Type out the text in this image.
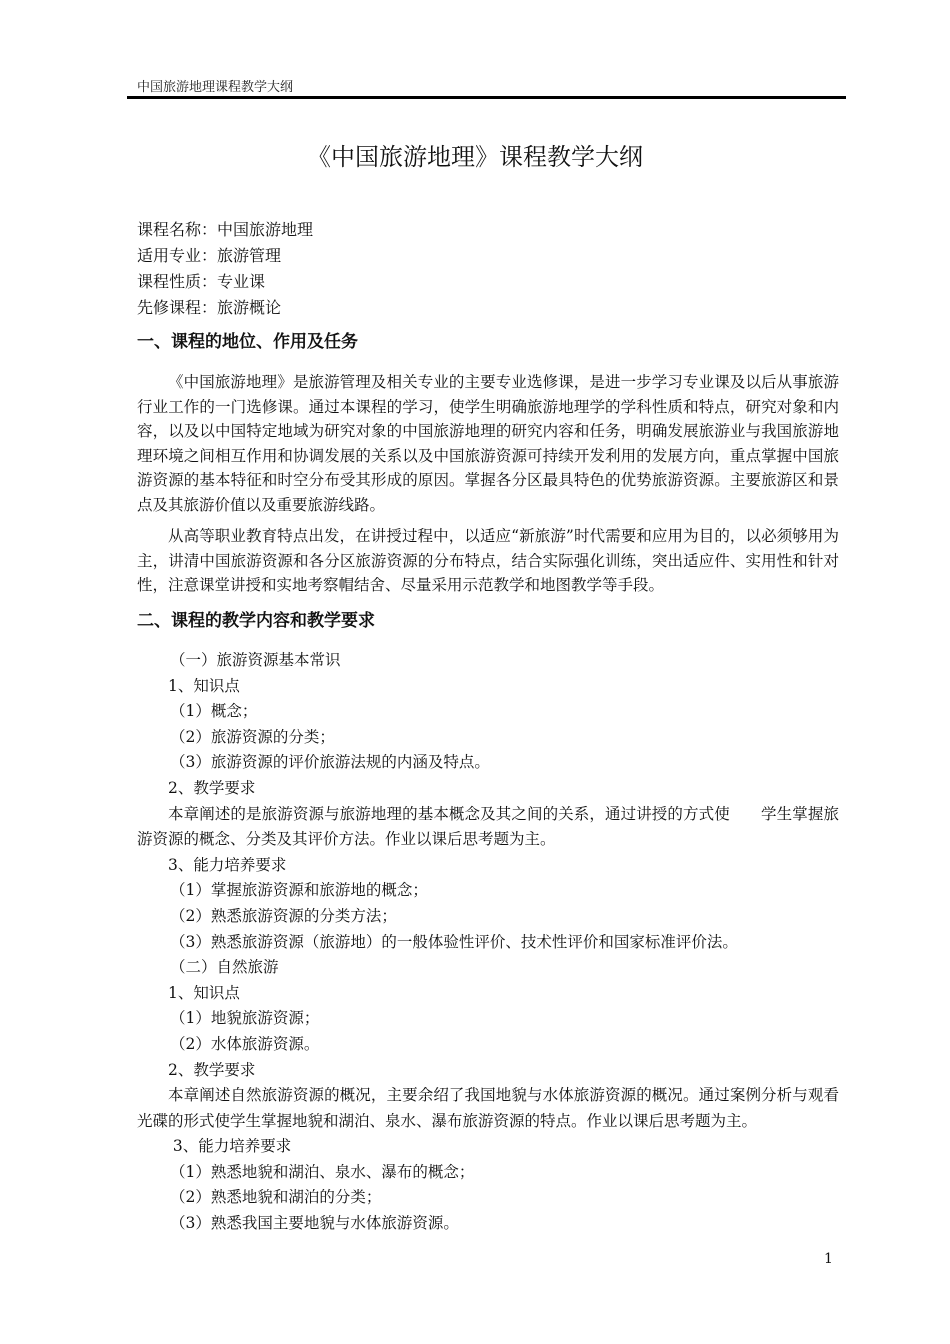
中国旅游地理课程教学大纲
《中国旅游地理》课程教学大纲
课程名称：中国旅游地理
适用专业：旅游管理
课程性质：专业课
先修课程：旅游概论
一、课程的地位、作用及任务
《中国旅游地理》是旅游管理及相关专业的主要专业选修课，是进一步学习专业课及以后从事旅游行业工作的一门选修课。通过本课程的学习，使学生明确旅游地理学的学科性质和特点，研究对象和内容，以及以中国特定地域为研究对象的中国旅游地理的研究内容和任务，明确发展旅游业与我国旅游地理环境之间相互作用和协调发展的关系以及中国旅游资源可持续开发利用的发展方向，重点掌握中国旅游资源的基本特征和时空分布受其形成的原因。掌握各分区最具特色的优势旅游资源。主要旅游区和景点及其旅游价值以及重要旅游线路。
从高等职业教育特点出发，在讲授过程中，以适应“新旅游”时代需要和应用为目的，以必须够用为主，讲清中国旅游资源和各分区旅游资源的分布特点，结合实际强化训练，突出适应件、实用性和针对性，注意课堂讲授和实地考察帽结舍、尽量采用示范教学和地图教学等手段。
二、课程的教学内容和教学要求
（一）旅游资源基本常识
1、知识点
（1）概念；
（2）旅游资源的分类；
（3）旅游资源的评价旅游法规的内涵及特点。
2、教学要求
本章阐述的是旅游资源与旅游地理的基本概念及其之间的关系，通过讲授的方式使　　学生掌握旅游资源的概念、分类及其评价方法。作业以课后思考题为主。
3、能力培养要求
（1）掌握旅游资源和旅游地的概念；
（2）熟悉旅游资源的分类方法；
（3）熟悉旅游资源（旅游地）的一般体验性评价、技术性评价和国家标准评价法。
（二）自然旅游
1、知识点
（1）地貌旅游资源；
（2）水体旅游资源。
2、教学要求
本章阐述自然旅游资源的概况，主要余绍了我国地貌与水体旅游资源的概况。通过案例分析与观看光碟的形式使学生掌握地貌和湖泊、泉水、瀑布旅游资源的特点。作业以课后思考题为主。
3、能力培养要求
（1）熟悉地貌和湖泊、泉水、瀑布的概念；
（2）熟悉地貌和湖泊的分类；
（3）熟悉我国主要地貌与水体旅游资源。
1
